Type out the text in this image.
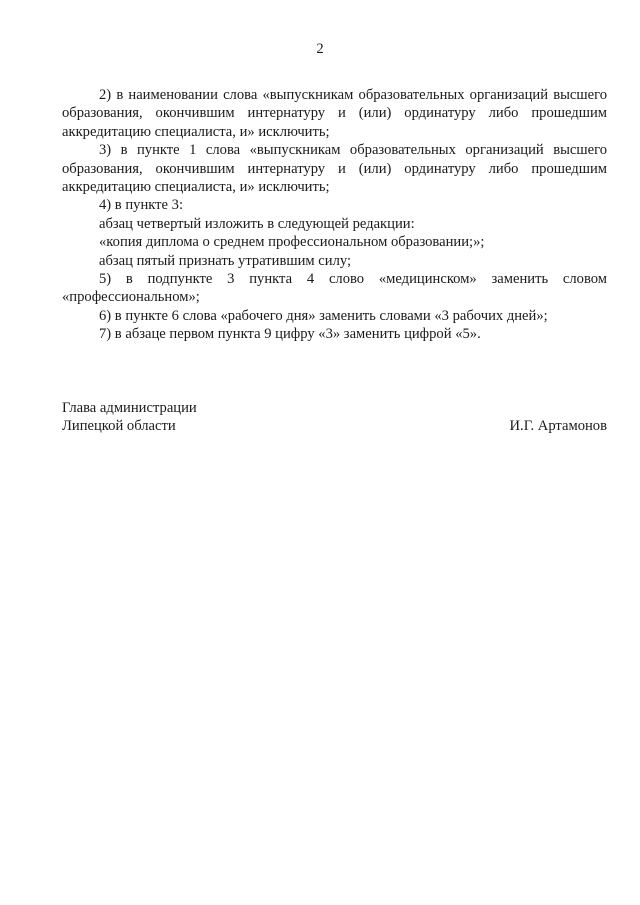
2

2) в наименовании слова «выпускникам образовательных организаций высшего образования, окончившим интернатуру и (или) ординатуру либо прошедшим аккредитацию специалиста, и» исключить;

3) в пункте 1 слова «выпускникам образовательных организаций высшего образования, окончившим интернатуру и (или) ординатуру либо прошедшим аккредитацию специалиста, и» исключить;

4) в пункте 3:

абзац четвертый изложить в следующей редакции:

«копия диплома о среднем профессиональном образовании;»;

абзац пятый признать утратившим силу;

5) в подпункте 3 пункта 4 слово «медицинском» заменить словом «профессиональном»;

6) в пункте 6 слова «рабочего дня» заменить словами «3 рабочих дней»;

7) в абзаце первом пункта 9 цифру «3» заменить цифрой «5».

Глава администрации

Липецкой области	И.Г. Артамонов
